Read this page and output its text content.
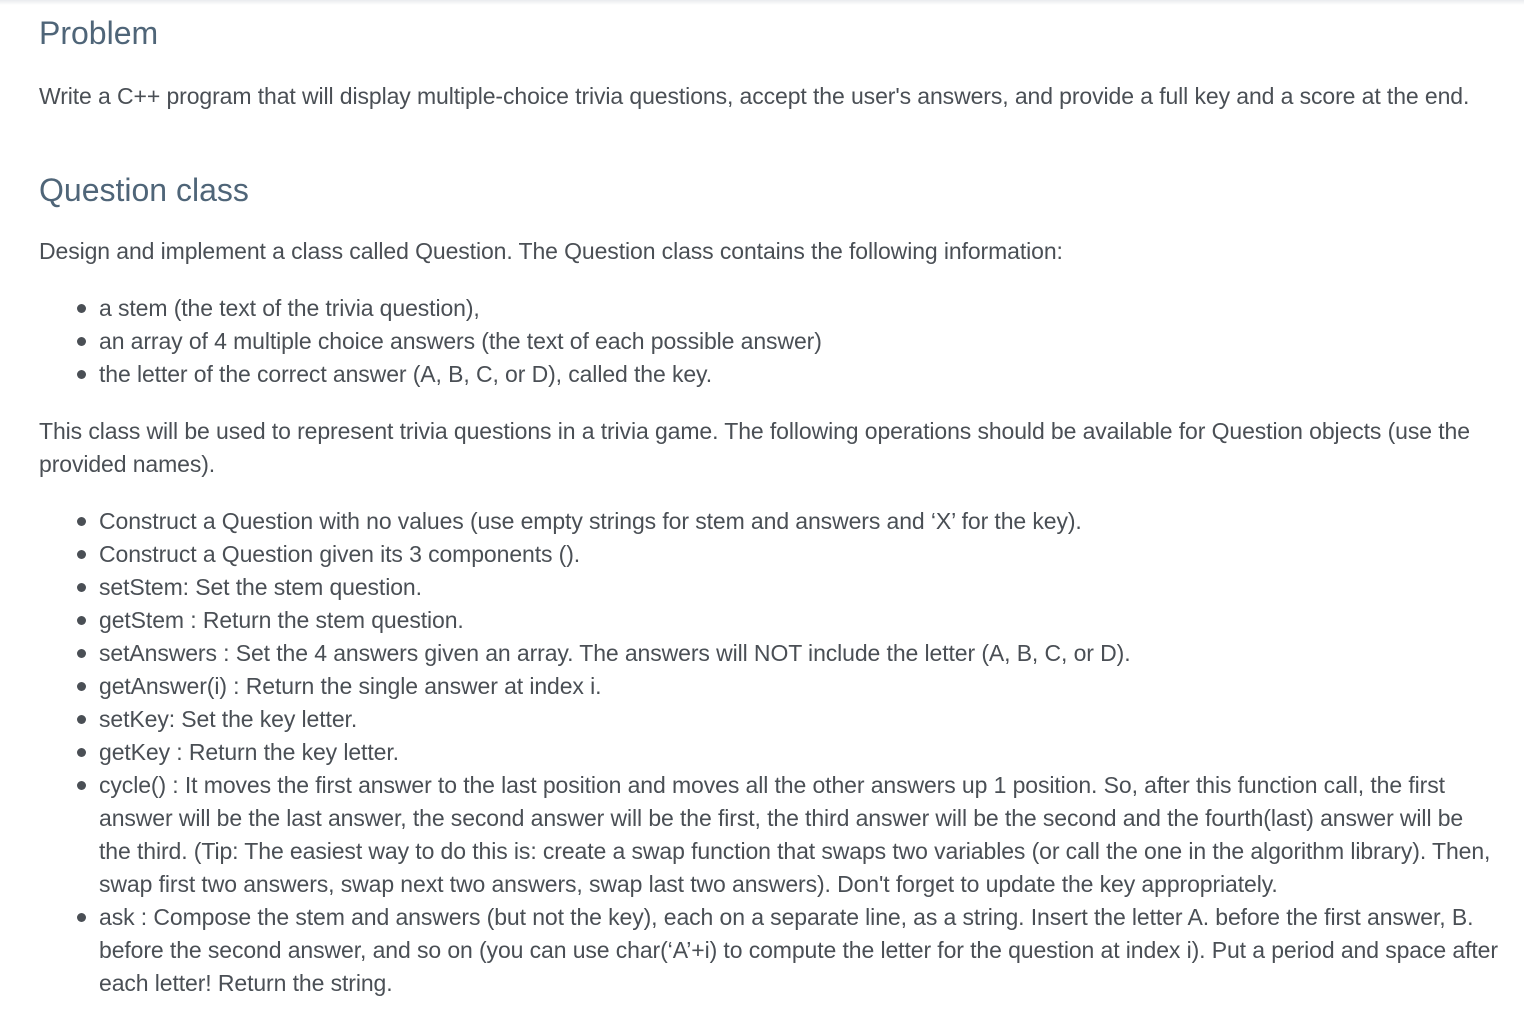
Problem

Write a C++ program that will display multiple-choice trivia questions, accept the user's answers, and provide a full key and a score at the end.

Question class

Design and implement a class called Question. The Question class contains the following information:

a stem (the text of the trivia question),
an array of 4 multiple choice answers (the text of each possible answer)
the letter of the correct answer (A, B, C, or D), called the key.

This class will be used to represent trivia questions in a trivia game. The following operations should be available for Question objects (use the provided names).

Construct a Question with no values (use empty strings for stem and answers and ‘X’ for the key).
Construct a Question given its 3 components ().
setStem: Set the stem question.
getStem : Return the stem question.
setAnswers : Set the 4 answers given an array. The answers will NOT include the letter (A, B, C, or D).
getAnswer(i) : Return the single answer at index i.
setKey: Set the key letter.
getKey : Return the key letter.
cycle() : It moves the first answer to the last position and moves all the other answers up 1 position. So, after this function call, the first answer will be the last answer, the second answer will be the first, the third answer will be the second and the fourth(last) answer will be the third. (Tip: The easiest way to do this is: create a swap function that swaps two variables (or call the one in the algorithm library). Then, swap first two answers, swap next two answers, swap last two answers). Don't forget to update the key appropriately.
ask : Compose the stem and answers (but not the key), each on a separate line, as a string. Insert the letter A. before the first answer, B. before the second answer, and so on (you can use char(‘A’+i) to compute the letter for the question at index i). Put a period and space after each letter! Return the string.
